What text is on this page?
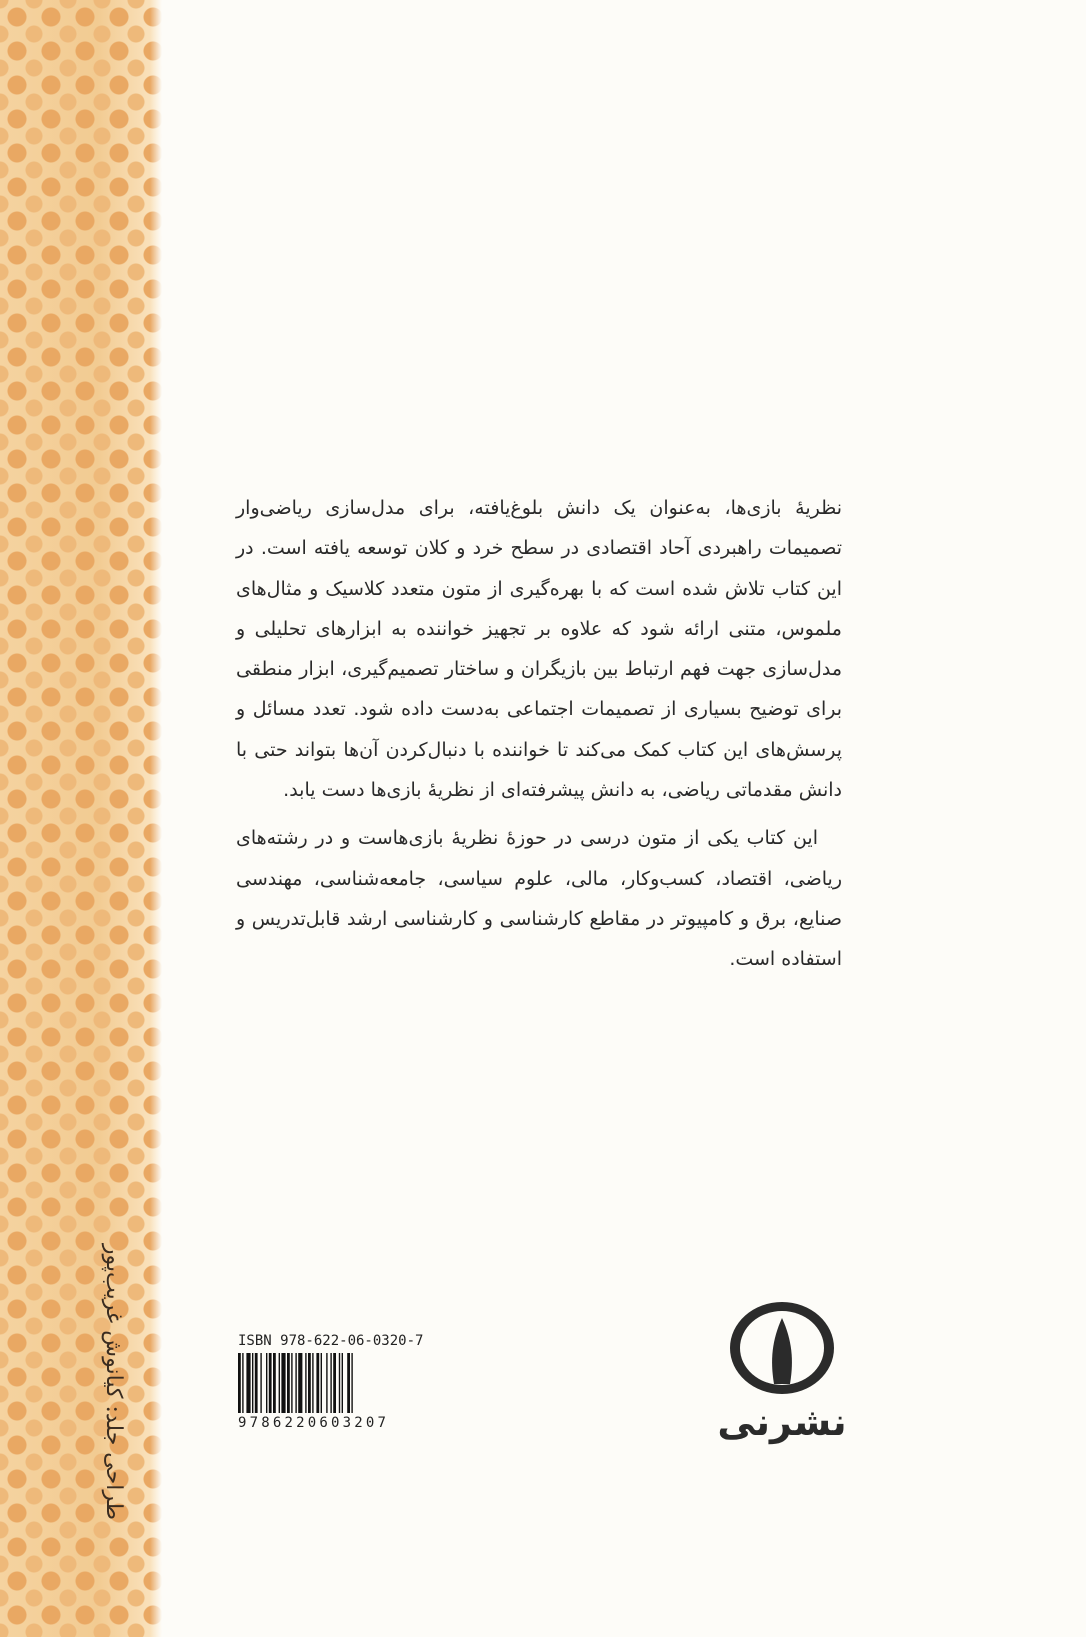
طراحی جلد: کیانوش غریب‌پور

نظریهٔ بازی‌ها، به‌عنوان یک دانش بلوغ‌یافته، برای مدل‌سازی ریاضی‌وار تصمیمات راهبردی آحاد اقتصادی در سطح خرد و کلان توسعه یافته است. در این کتاب تلاش شده است که با بهره‌گیری از متون متعدد کلاسیک و مثال‌های ملموس، متنی ارائه شود که علاوه بر تجهیز خواننده به ابزارهای تحلیلی و مدل‌سازی جهت فهم ارتباط بین بازیگران و ساختار تصمیم‌گیری، ابزار منطقی برای توضیح بسیاری از تصمیمات اجتماعی به‌دست داده شود. تعدد مسائل و پرسش‌های این کتاب کمک می‌کند تا خواننده با دنبال‌کردن آن‌ها بتواند حتی با دانش مقدماتی ریاضی، به دانش پیشرفته‌ای از نظریهٔ بازی‌ها دست یابد.

این کتاب یکی از متون درسی در حوزهٔ نظریهٔ بازی‌هاست و در رشته‌های ریاضی، اقتصاد، کسب‌وکار، مالی، علوم سیاسی، جامعه‌شناسی، مهندسی صنایع، برق و کامپیوتر در مقاطع کارشناسی و کارشناسی ارشد قابل‌تدریس و استفاده است.

ISBN 978-622-06-0320-7
9786220603207	نشرنی
